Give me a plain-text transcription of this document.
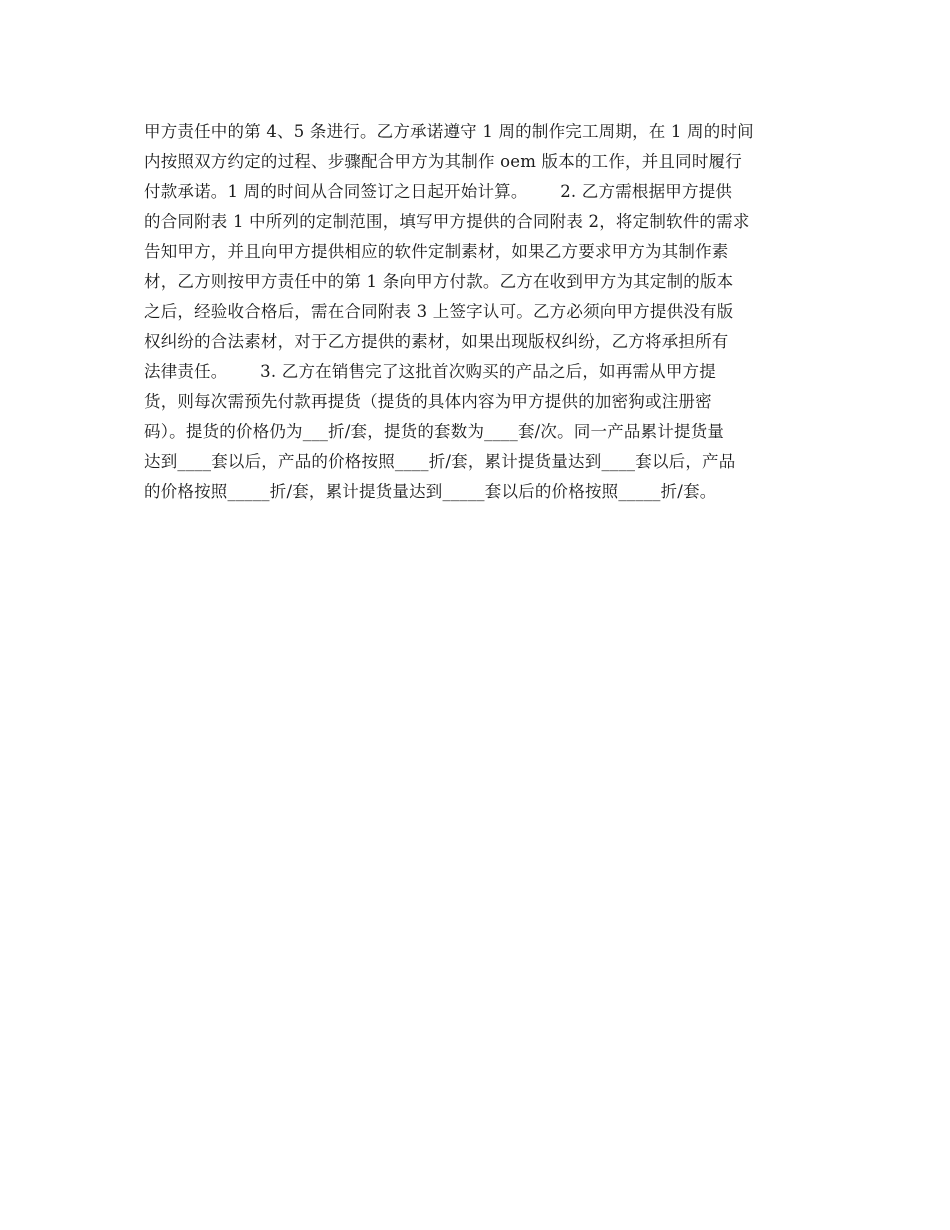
甲方责任中的第 4、5 条进行。乙方承诺遵守 1 周的制作完工周期，在 1 周的时间
内按照双方约定的过程、步骤配合甲方为其制作 oem 版本的工作，并且同时履行
付款承诺。1 周的时间从合同签订之日起开始计算。      2. 乙方需根据甲方提供
的合同附表 1 中所列的定制范围，填写甲方提供的合同附表 2，将定制软件的需求
告知甲方，并且向甲方提供相应的软件定制素材，如果乙方要求甲方为其制作素
材，乙方则按甲方责任中的第 1 条向甲方付款。乙方在收到甲方为其定制的版本
之后，经验收合格后，需在合同附表 3 上签字认可。乙方必须向甲方提供没有版
权纠纷的合法素材，对于乙方提供的素材，如果出现版权纠纷，乙方将承担所有
法律责任。      3. 乙方在销售完了这批首次购买的产品之后，如再需从甲方提
货，则每次需预先付款再提货（提货的具体内容为甲方提供的加密狗或注册密
码）。提货的价格仍为___折/套，提货的套数为____套/次。同一产品累计提货量
达到____套以后，产品的价格按照____折/套，累计提货量达到____套以后，产品
的价格按照_____折/套，累计提货量达到_____套以后的价格按照_____折/套。
